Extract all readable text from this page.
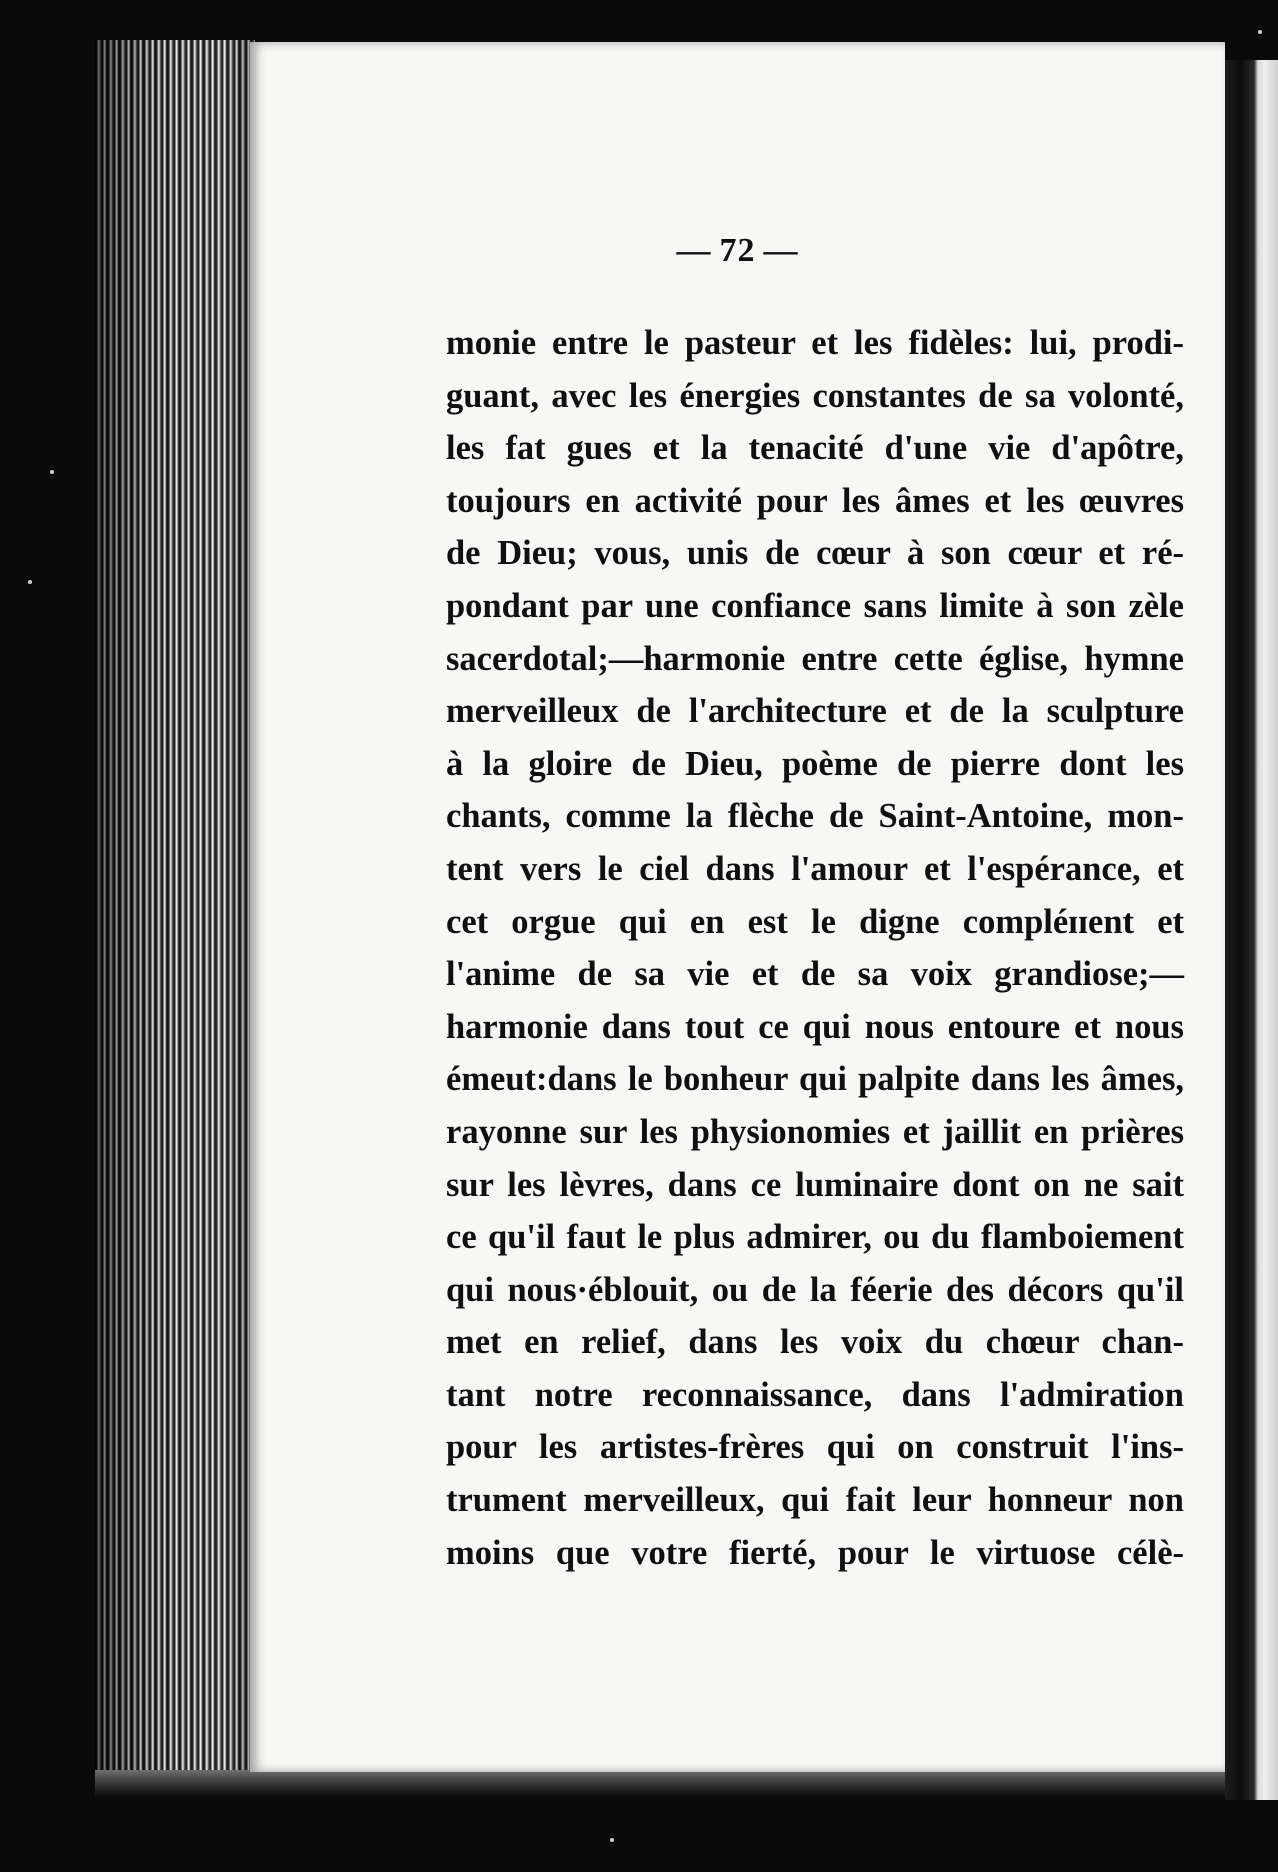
— 72 —
monie entre le pasteur et les fidèles: lui, prodi-
guant, avec les énergies constantes de sa volonté,
les fat gues et la tenacité d'une vie d'apôtre,
toujours en activité pour les âmes et les œuvres
de Dieu; vous, unis de cœur à son cœur et ré-
pondant par une confiance sans limite à son zèle
sacerdotal;—harmonie entre cette église, hymne
merveilleux de l'architecture et de la sculpture
à la gloire de Dieu, poème de pierre dont les
chants, comme la flèche de Saint-Antoine, mon-
tent vers le ciel dans l'amour et l'espérance, et
cet orgue qui en est le digne compléɪɪent et
l'anime de sa vie et de sa voix grandiose;—
harmonie dans tout ce qui nous entoure et nous
émeut:dans le bonheur qui palpite dans les âmes,
rayonne sur les physionomies et jaillit en prières
sur les lèvres, dans ce luminaire dont on ne sait
ce qu'il faut le plus admirer, ou du flamboiement
qui nous·éblouit, ou de la féerie des décors qu'il
met en relief, dans les voix du chœur chan-
tant notre reconnaissance, dans l'admiration
pour les artistes-frères qui on construit l'ins-
trument merveilleux, qui fait leur honneur non
moins que votre fierté, pour le virtuose célè-
